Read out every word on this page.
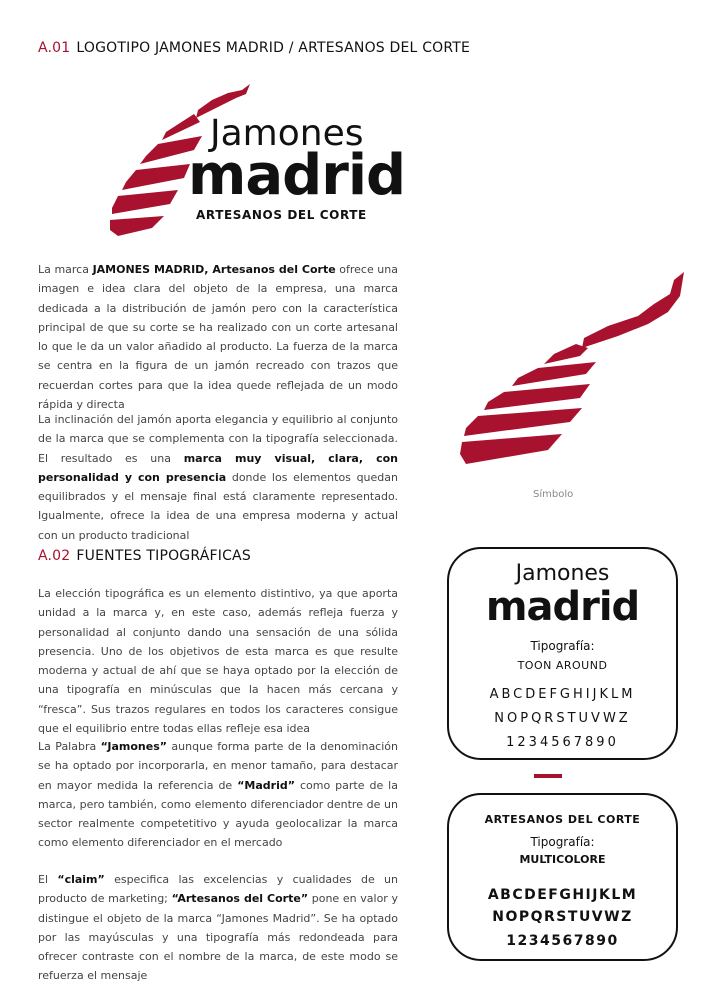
A.01 LOGOTIPO JAMONES MADRID / ARTESANOS DEL CORTE
Jamones
madrid
ARTESANOS DEL CORTE
La marca JAMONES MADRID, Artesanos del Corte ofrece una imagen e idea clara del objeto de la empresa, una marca dedicada a la distribución de jamón pero con la característica principal de que su corte se ha realizado con un corte artesanal lo que le da un valor añadido al producto. La fuerza de la marca se centra en la figura de un jamón recreado con trazos que recuerdan cortes para que la idea quede reflejada de un modo rápida y directa
La inclinación del jamón aporta elegancia y equilibrio al conjunto de la marca que se complementa con la tipografía seleccionada. El resultado es una marca muy visual, clara, con personalidad y con presencia donde los elementos quedan equilibrados y el mensaje final está claramente representado. Igualmente, ofrece la idea de una empresa moderna y actual con un producto tradicional
Símbolo
A.02 FUENTES TIPOGRÁFICAS
La elección tipográfica es un elemento distintivo, ya que aporta unidad a la marca y, en este caso, además refleja fuerza y personalidad al conjunto dando una sensación de una sólida presencia. Uno de los objetivos de esta marca es que resulte moderna y actual de ahí que se haya optado por la elección de una tipografía en minúsculas que la hacen más cercana y “fresca”. Sus trazos regulares en todos los caracteres consigue que el equilibrio entre todas ellas refleje esa idea
La Palabra “Jamones” aunque forma parte de la denominación se ha optado por incorporarla, en menor tamaño, para destacar en mayor medida la referencia de “Madrid” como parte de la marca, pero también, como elemento diferenciador dentre de un sector realmente competetitivo y ayuda geolocalizar la marca como elemento diferenciador en el mercado
El “claim” especifica las excelencias y cualidades de un producto de marketing; “Artesanos del Corte” pone en valor y distingue el objeto de la marca “Jamones Madrid”. Se ha optado por las mayúsculas y una tipografía más redondeada para ofrecer contraste con el nombre de la marca, de este modo se refuerza el mensaje
Jamones
madrid
Tipografía:
TOON AROUND
ABCDEFGHIJKLM
NOPQRSTUVWZ
1234567890
ARTESANOS DEL CORTE
Tipografía:
MULTICOLORE
ABCDEFGHIJKLM
NOPQRSTUVWZ
1234567890
